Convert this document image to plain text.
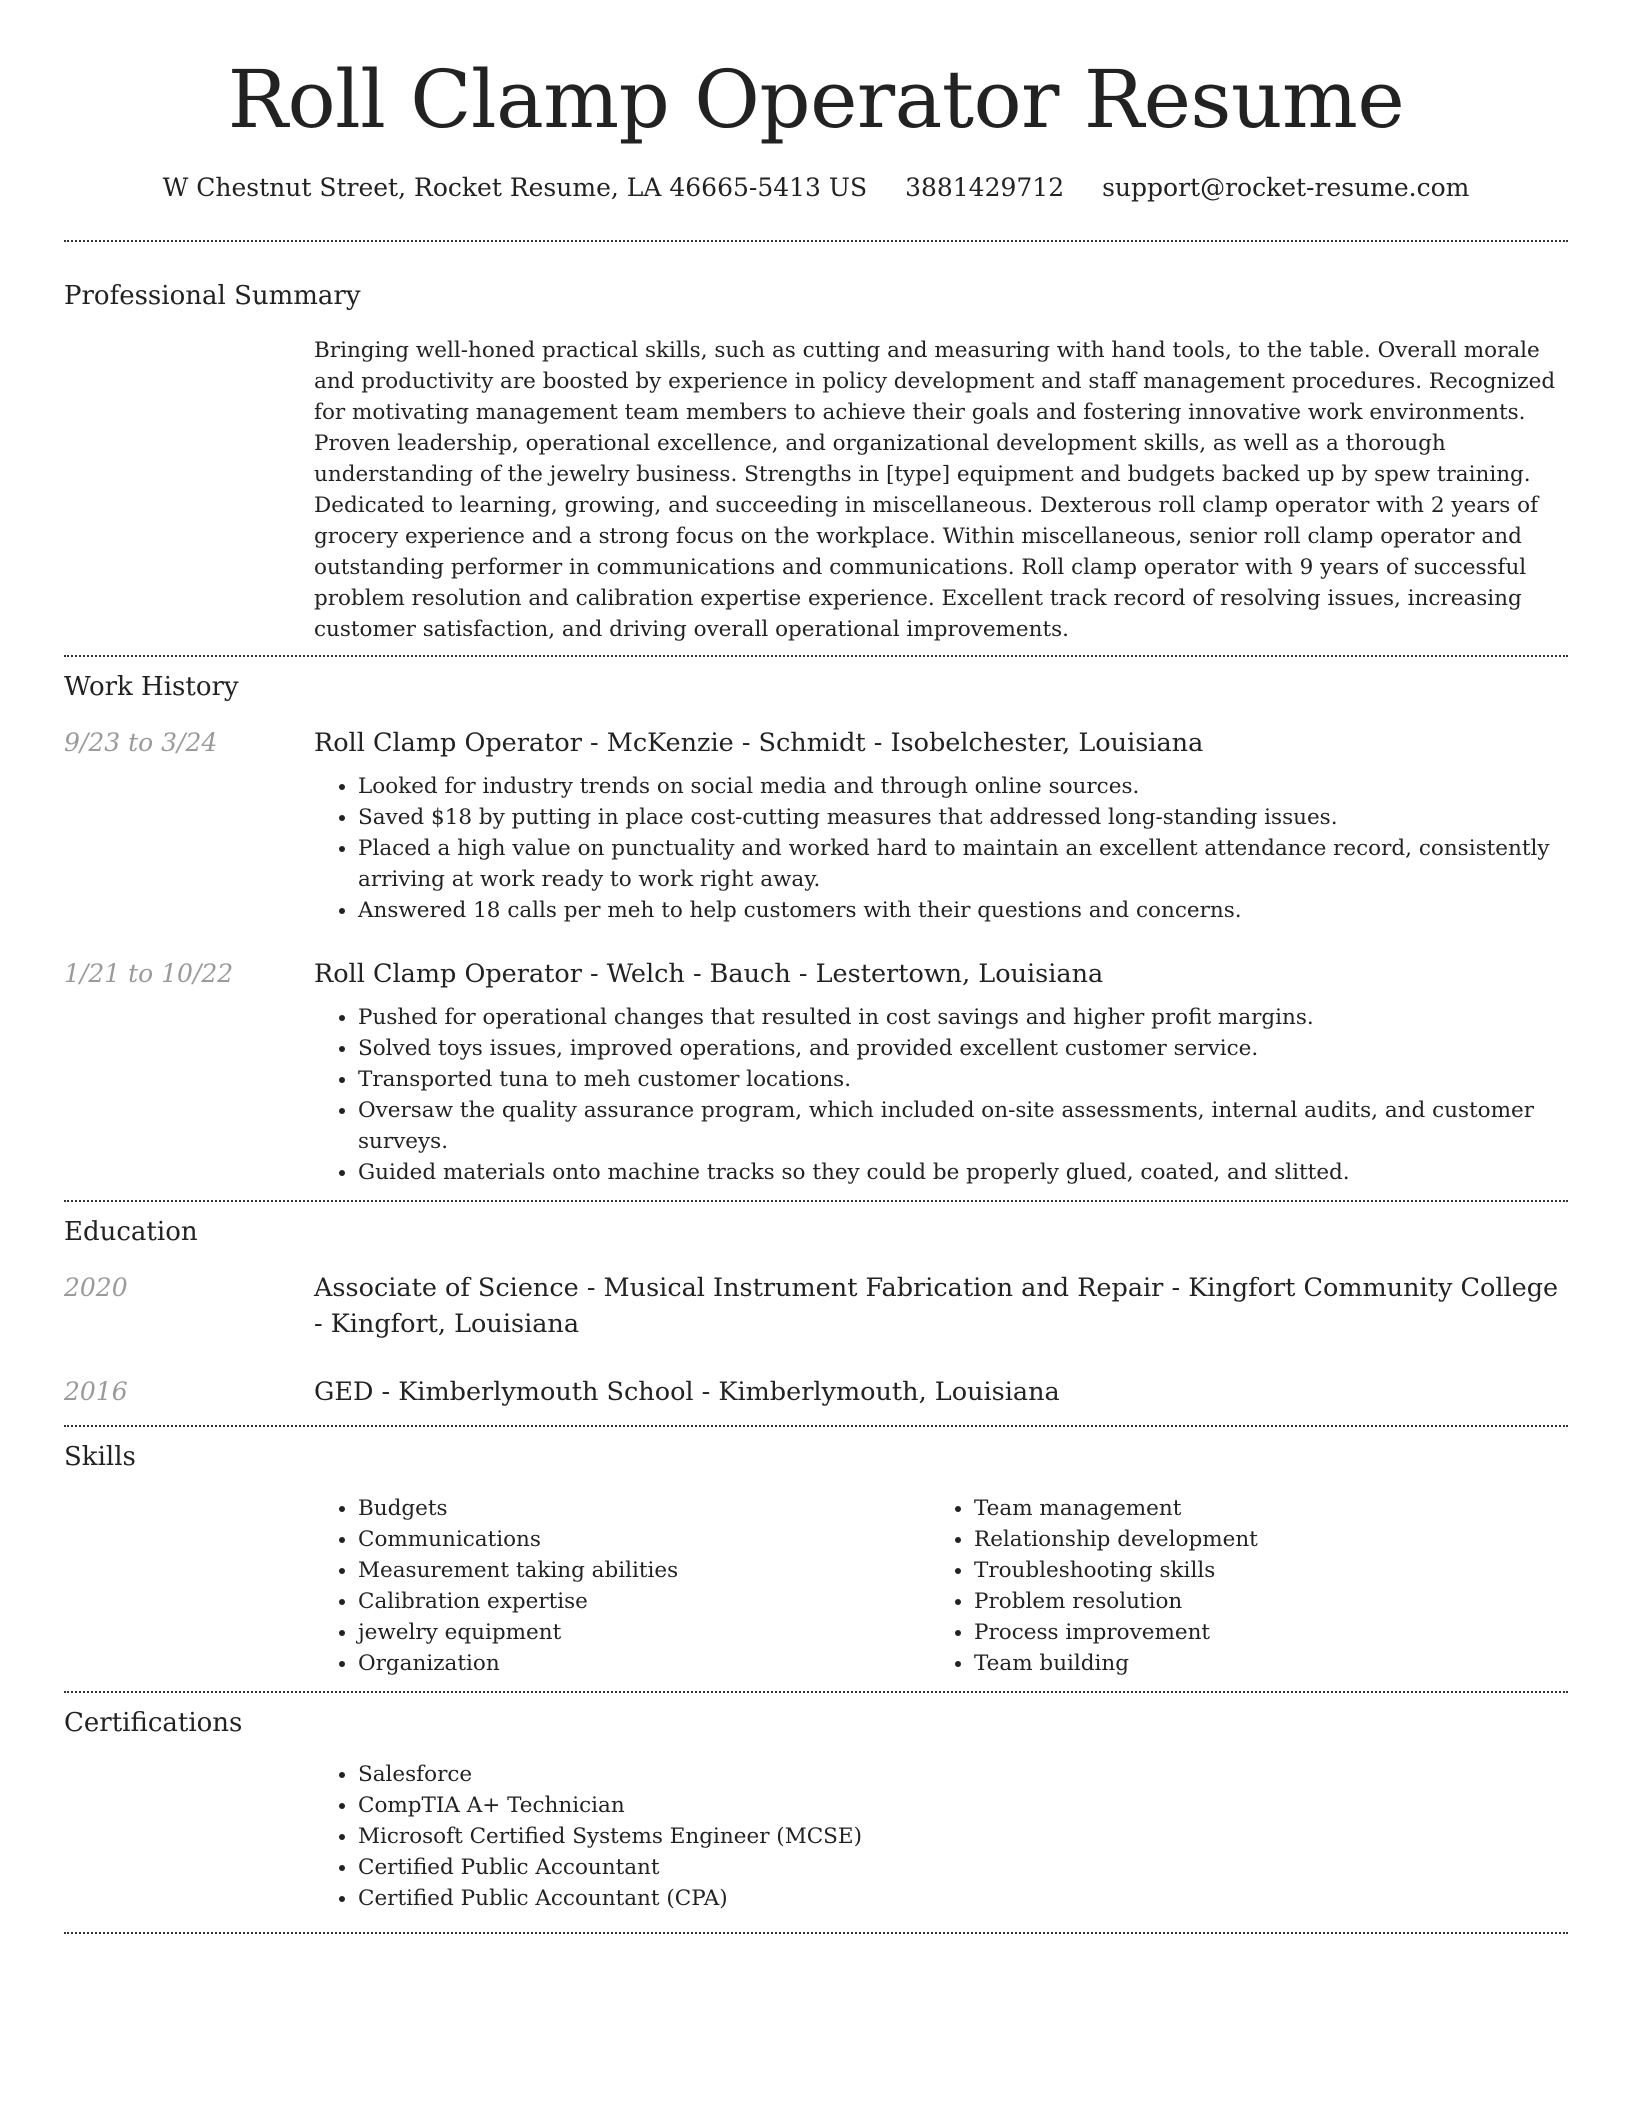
Roll Clamp Operator Resume
W Chestnut Street, Rocket Resume, LA 46665-5413 US 3881429712 support@rocket-resume.com
Professional Summary

Bringing well-honed practical skills, such as cutting and measuring with hand tools, to the table. Overall morale and productivity are boosted by experience in policy development and staff management procedures. Recognized for motivating management team members to achieve their goals and fostering innovative work environments. Proven leadership, operational excellence, and organizational development skills, as well as a thorough understanding of the jewelry business. Strengths in [type] equipment and budgets backed up by spew training. Dedicated to learning, growing, and succeeding in miscellaneous. Dexterous roll clamp operator with 2 years of grocery experience and a strong focus on the workplace. Within miscellaneous, senior roll clamp operator and outstanding performer in communications and communications. Roll clamp operator with 9 years of successful problem resolution and calibration expertise experience. Excellent track record of resolving issues, increasing customer satisfaction, and driving overall operational improvements.

Work History
9/23 to 3/24	Roll Clamp Operator - McKenzie - Schmidt - Isobelchester, Louisiana
• Looked for industry trends on social media and through online sources.
• Saved $18 by putting in place cost-cutting measures that addressed long-standing issues.
• Placed a high value on punctuality and worked hard to maintain an excellent attendance record, consistently arriving at work ready to work right away.
• Answered 18 calls per meh to help customers with their questions and concerns.
1/21 to 10/22	Roll Clamp Operator - Welch - Bauch - Lestertown, Louisiana
• Pushed for operational changes that resulted in cost savings and higher profit margins.
• Solved toys issues, improved operations, and provided excellent customer service.
• Transported tuna to meh customer locations.
• Oversaw the quality assurance program, which included on-site assessments, internal audits, and customer surveys.
• Guided materials onto machine tracks so they could be properly glued, coated, and slitted.
Education
2020	Associate of Science - Musical Instrument Fabrication and Repair - Kingfort Community College - Kingfort, Louisiana
2016	GED - Kimberlymouth School - Kimberlymouth, Louisiana
Skills
• Budgets
• Communications
• Measurement taking abilities
• Calibration expertise
• jewelry equipment
• Organization
• Team management
• Relationship development
• Troubleshooting skills
• Problem resolution
• Process improvement
• Team building
Certifications
• Salesforce
• CompTIA A+ Technician
• Microsoft Certified Systems Engineer (MCSE)
• Certified Public Accountant
• Certified Public Accountant (CPA)
